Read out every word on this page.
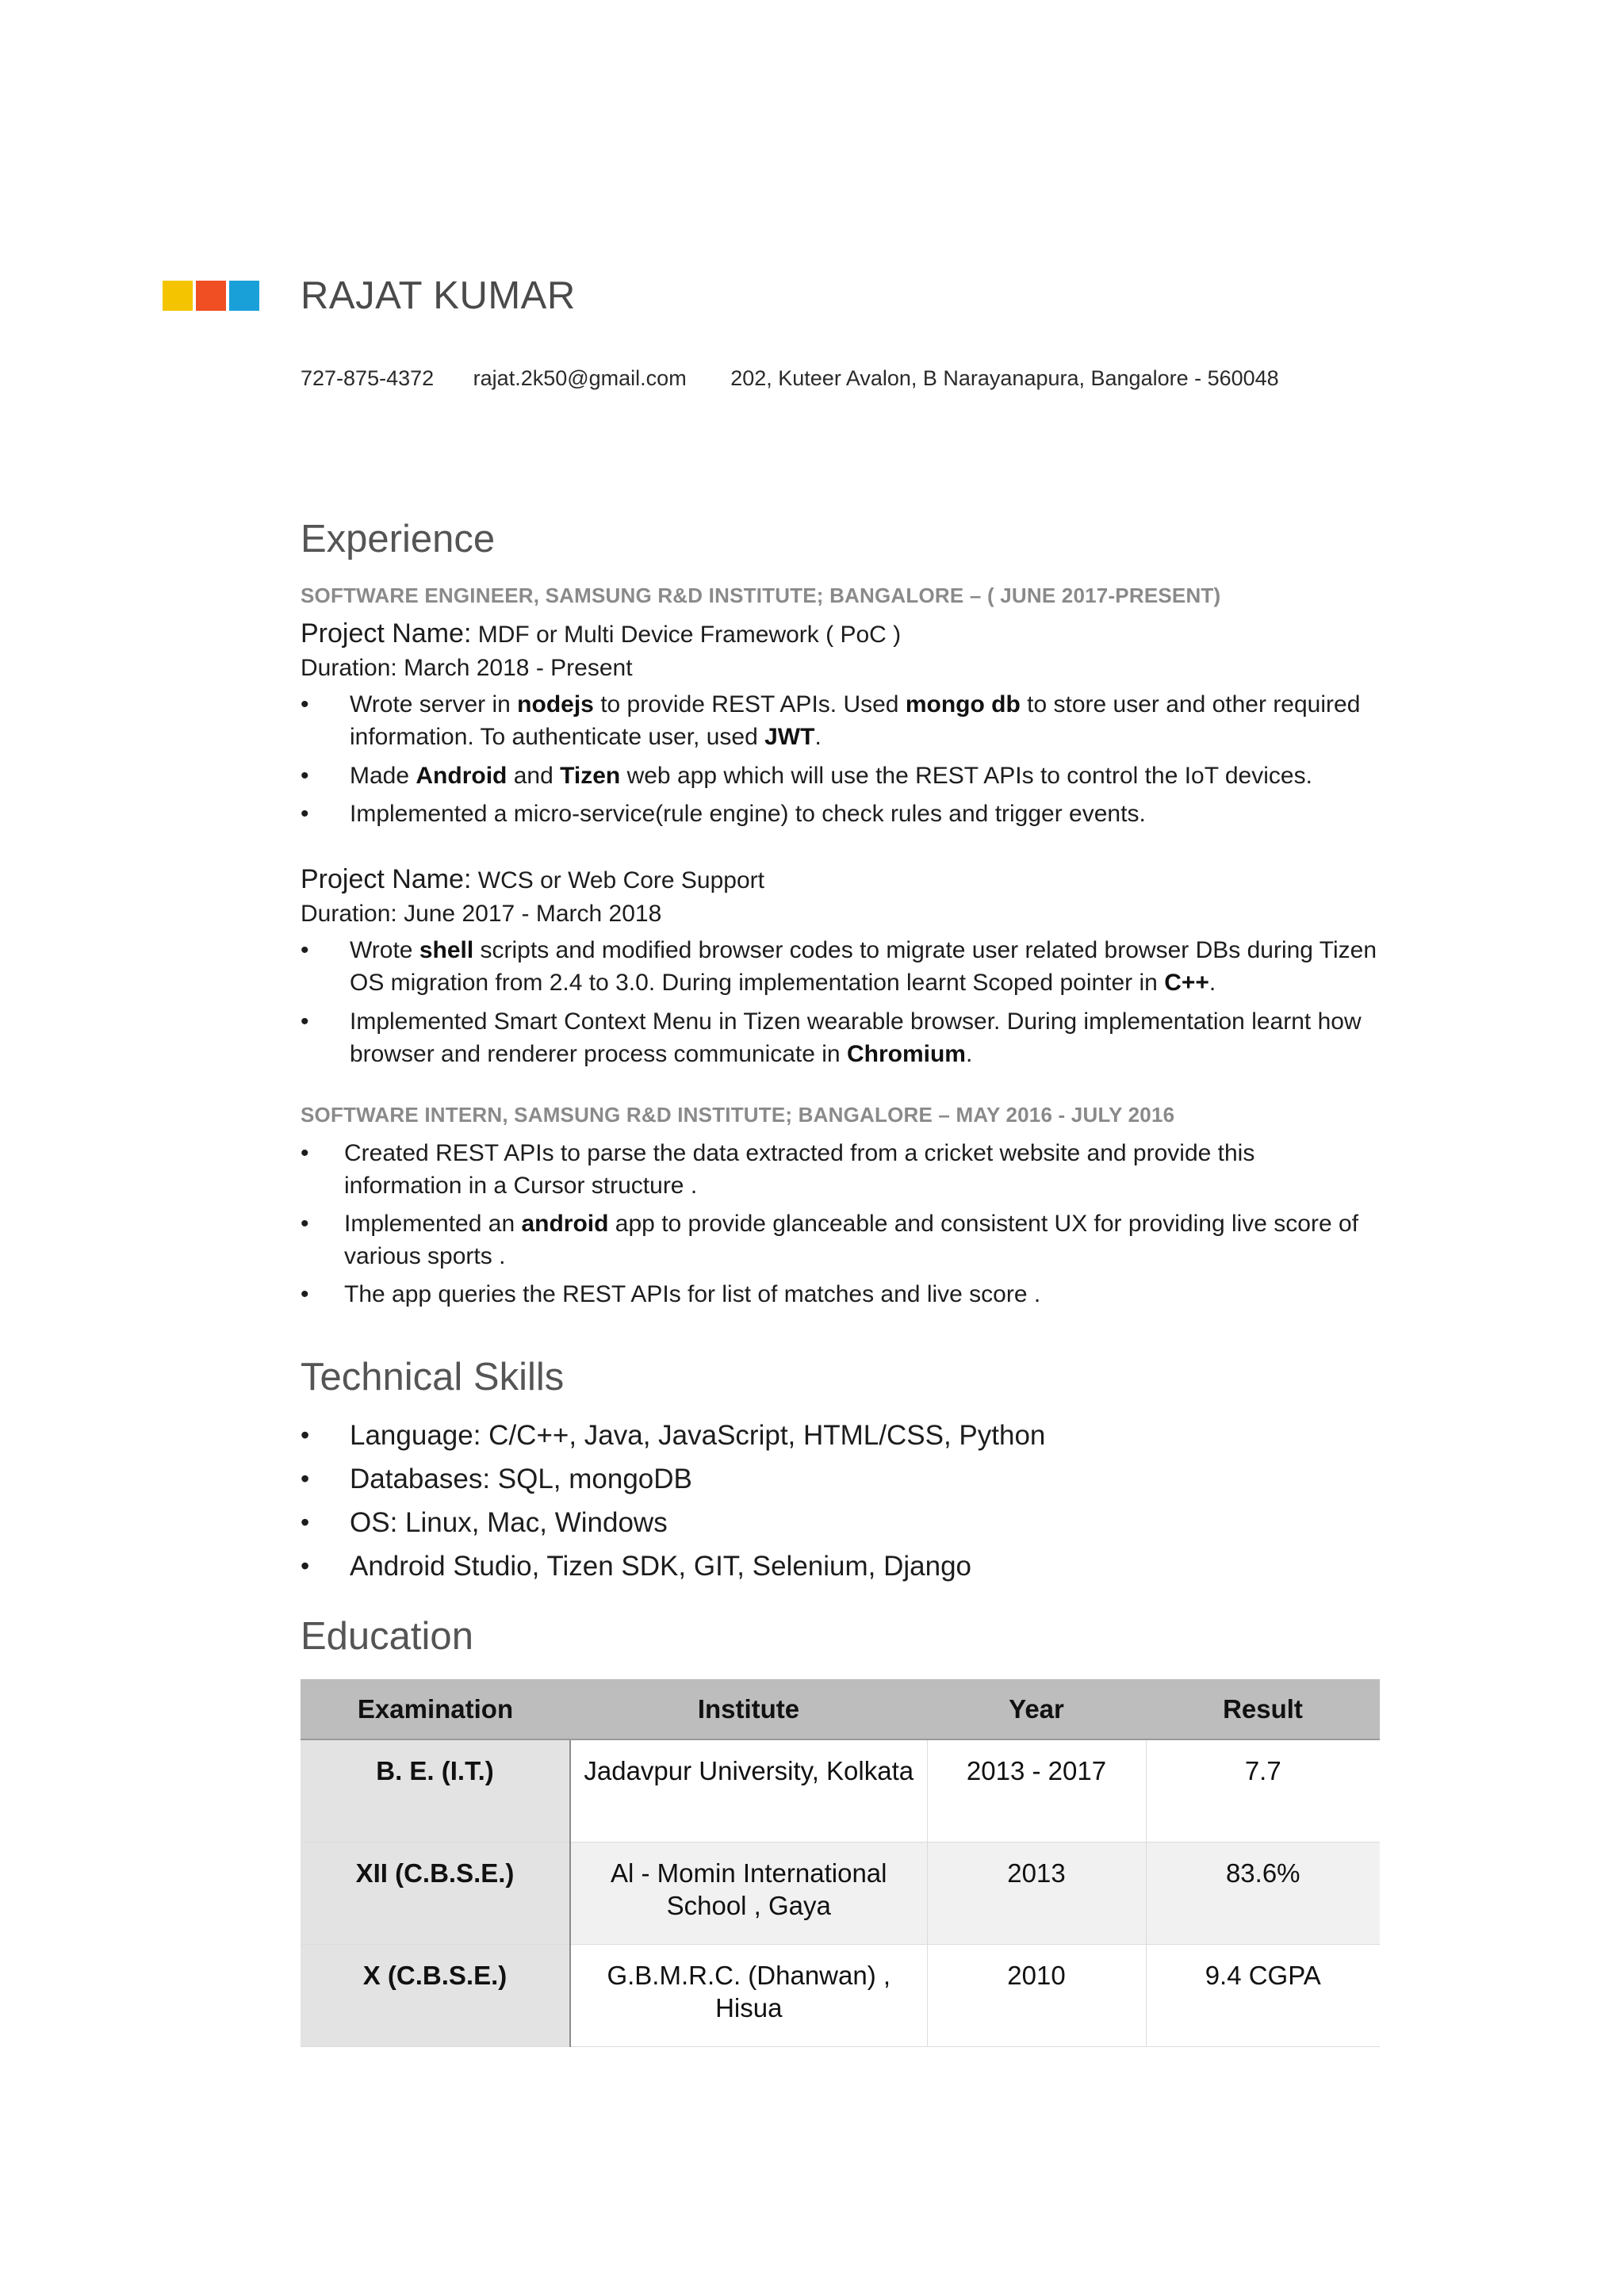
RAJAT KUMAR
727-875-4372 rajat.2k50@gmail.com 202, Kuteer Avalon, B Narayanapura, Bangalore - 560048
Experience
SOFTWARE ENGINEER, SAMSUNG R&D INSTITUTE; BANGALORE – ( JUNE 2017-PRESENT)
Project Name: MDF or Multi Device Framework ( PoC )
Duration: March 2018 - Present
• Wrote server in nodejs to provide REST APIs. Used mongo db to store user and other required information. To authenticate user, used JWT.
• Made Android and Tizen web app which will use the REST APIs to control the IoT devices.
• Implemented a micro-service(rule engine) to check rules and trigger events.
Project Name: WCS or Web Core Support
Duration: June 2017 - March 2018
• Wrote shell scripts and modified browser codes to migrate user related browser DBs during Tizen OS migration from 2.4 to 3.0. During implementation learnt Scoped pointer in C++.
• Implemented Smart Context Menu in Tizen wearable browser. During implementation learnt how browser and renderer process communicate in Chromium.
SOFTWARE INTERN, SAMSUNG R&D INSTITUTE; BANGALORE – MAY 2016 - JULY 2016
• Created REST APIs to parse the data extracted from a cricket website and provide this information in a Cursor structure .
• Implemented an android app to provide glanceable and consistent UX for providing live score of various sports .
• The app queries the REST APIs for list of matches and live score .
Technical Skills
• Language: C/C++, Java, JavaScript, HTML/CSS, Python
• Databases: SQL, mongoDB
• OS: Linux, Mac, Windows
• Android Studio, Tizen SDK, GIT, Selenium, Django
Education
Examination	Institute	Year	Result
B. E. (I.T.)	Jadavpur University, Kolkata	2013 - 2017	7.7
XII (C.B.S.E.)	Al - Momin International School , Gaya	2013	83.6%
X (C.B.S.E.)	G.B.M.R.C. (Dhanwan) , Hisua	2010	9.4 CGPA
